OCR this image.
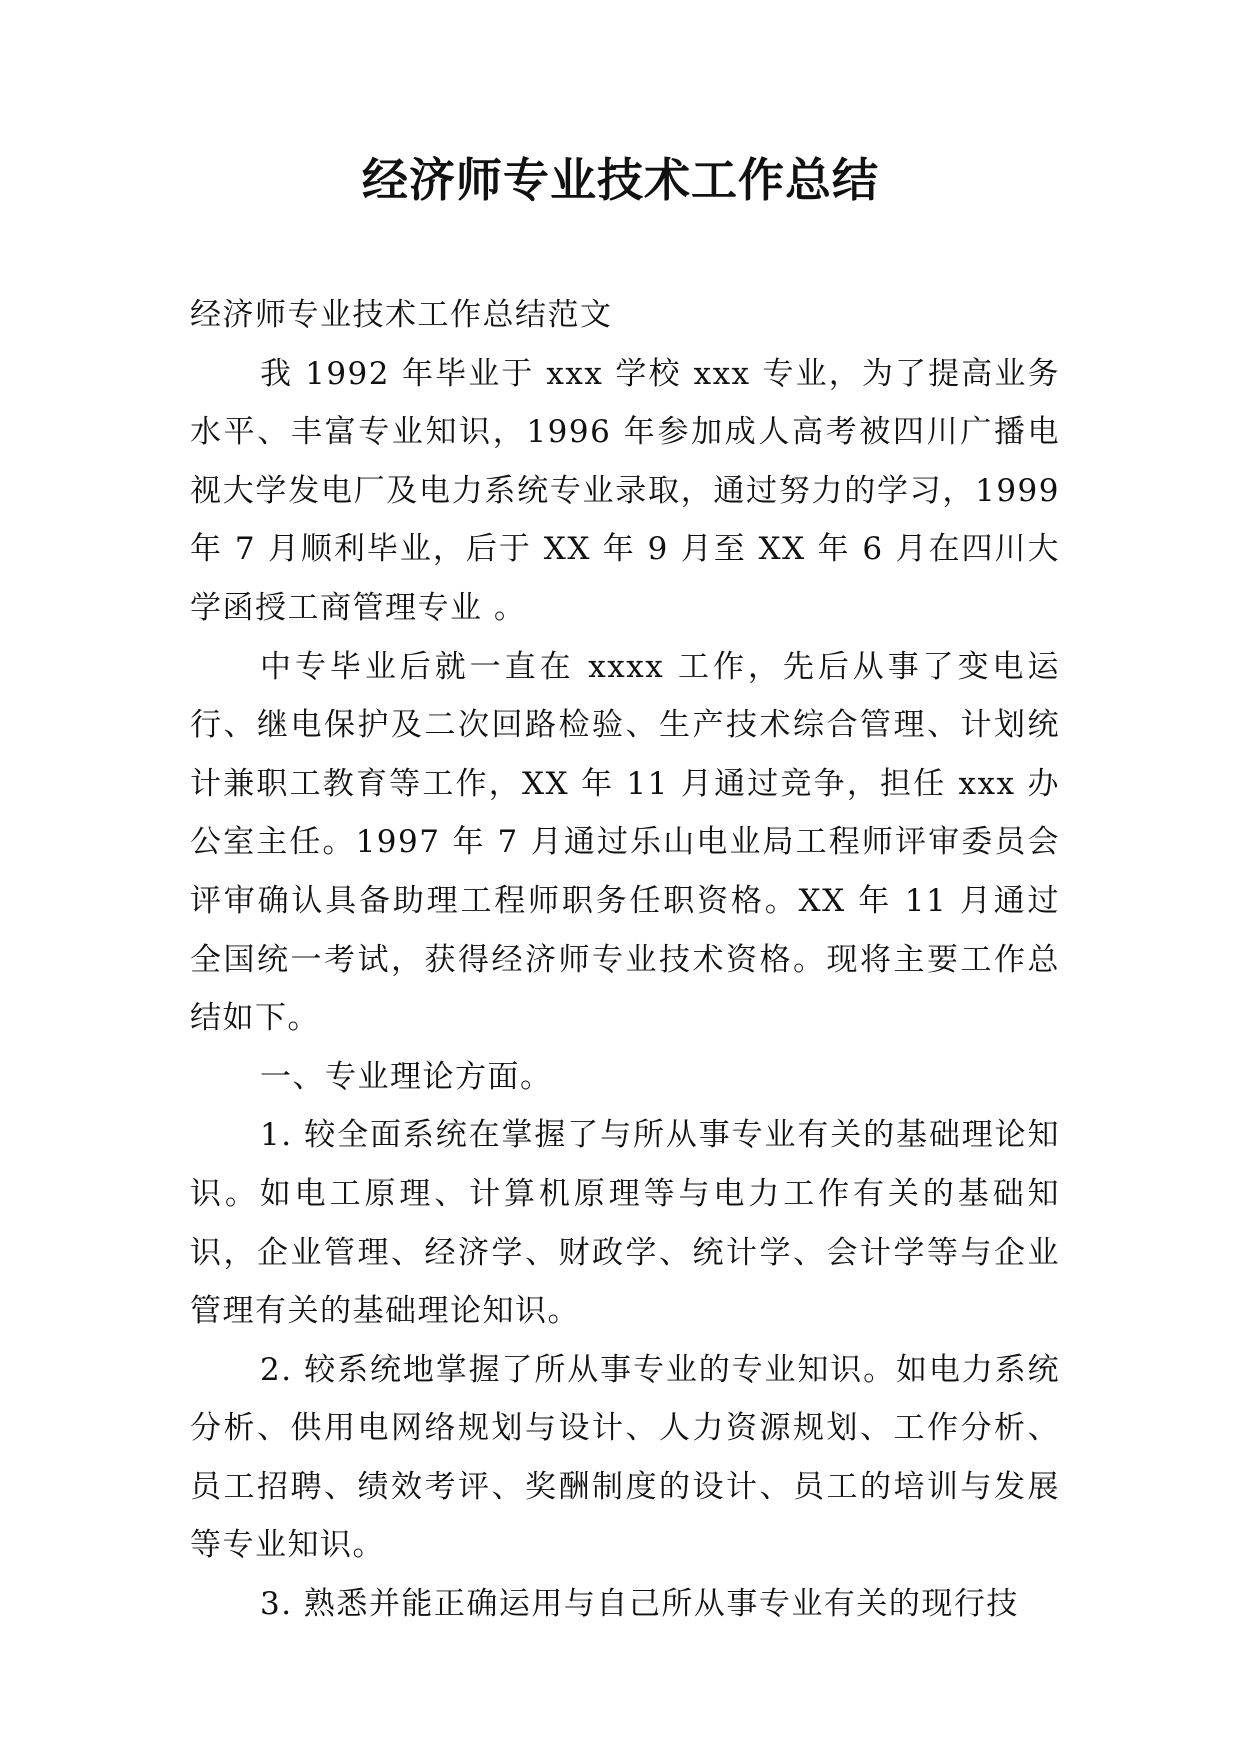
经济师专业技术工作总结

经济师专业技术工作总结范文

我 1992 年毕业于 xxx 学校 xxx 专业，为了提高业务水平、丰富专业知识，1996 年参加成人高考被四川广播电视大学发电厂及电力系统专业录取，通过努力的学习，1999 年 7 月顺利毕业，后于 XX 年 9 月至 XX 年 6 月在四川大学函授工商管理专业 。

中专毕业后就一直在 xxxx 工作，先后从事了变电运行、继电保护及二次回路检验、生产技术综合管理、计划统计兼职工教育等工作，XX 年 11 月通过竞争，担任 xxx 办公室主任。1997 年 7 月通过乐山电业局工程师评审委员会评审确认具备助理工程师职务任职资格。XX 年 11 月通过全国统一考试，获得经济师专业技术资格。现将主要工作总结如下。

一、专业理论方面。

1. 较全面系统在掌握了与所从事专业有关的基础理论知识。如电工原理、计算机原理等与电力工作有关的基础知识，企业管理、经济学、财政学、统计学、会计学等与企业管理有关的基础理论知识。

2. 较系统地掌握了所从事专业的专业知识。如电力系统分析、供用电网络规划与设计、人力资源规划、工作分析、员工招聘、绩效考评、奖酬制度的设计、员工的培训与发展等专业知识。

3. 熟悉并能正确运用与自己所从事专业有关的现行技
